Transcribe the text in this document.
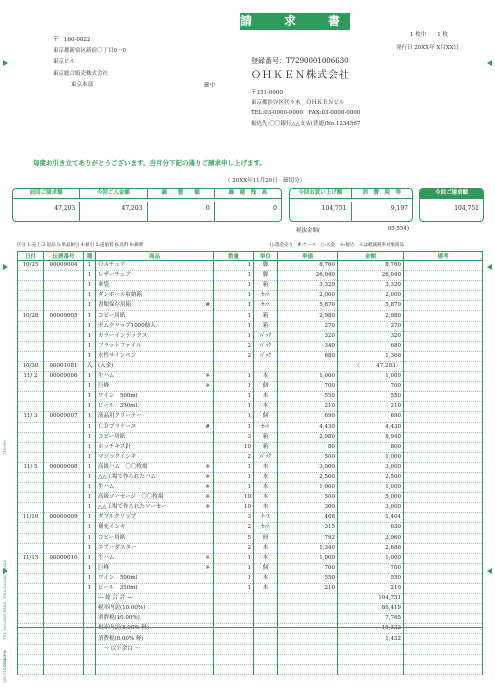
請　求　書
1 枚中　　1 枚
発行日 20XX年 X月XX日
〒　160-0022
東京都新宿区新宿〇丁目0－0
東京ビル
東京総合販売株式会社
東京本部	御中
登録番号：T7290001006630
ＯＨＫＥＮ株式会社
〒151-0000
東京都渋谷区代々木　ＯＨＫＥＮビル
TEL:03-0000-0000　FAX:03-0000-0000
振込先:〇〇銀行△△支店(普通)No.1234567
毎度お引き立てありがとうございます。当月分下記の通りご請求申し上げます。
（ 20XX年11月20日　締切分）
前回ご請求額	今回ご入金額	調　　整　　額	繰　越　残　高
47,203	47,203	0	0
今回お買い上げ額	消　費　税　等
104,751	9,197
今回ご請求額
104,751
税抜金額(	95,554)
区分 1:売上 2:返品 3:単品値引 4:値引 5:還値替 6:送料 9:摘要	():現金売り　#:ケース　○:入金　※:税込　※は軽減税率対象商品
日付	伝票番号	種	商品	数量	単位	単価	金額	備考
10/25	00009004	1	ＯＡチェア	1	脚	8,760	8,760	
		1	レザーチェア	1	脚	26,040	26,040	
		1	傘袋	1	箱	3,320	3,320	
		1	ダンボール収納箱	1	ｾｯﾄ	2,000	2,000	
		1	書類保存用箱 #	1	ｾｯﾄ	5,870	5,870	
10/28	00009005	1	コピー用紙	1	箱	2,980	2,980	
		1	ゼムクリップ1000個入	1	箱	270	270	
		1	カラーインデックス	1	ﾊﾟｯｸ	320	320	
		1	フラットファイル	2	ﾊﾟｯｸ	340	680	
		1	水性サインペン	2	ﾊﾟｯｸ	680	1,360	
10/30	00001081	入	(入金)				〈　　　47,203〉	
11/ 2	00009006	1	生ハム ※	1	本	1,000	1,000	
		1	巨峰 ※	1	個	700	700	
		1	ワイン　500ml	1	本	550	550	
		1	ビール　350ml	1	本	210	210	
11/ 3	00009007	1	液晶用クリーナー	1	個	690	690	
		1	ＣＤプラケース #	1	ｾｯﾄ	4,430	4,430	
		1	コピー用紙	3	箱	2,980	8,940	
		1	ホッチキス針	10	箱	80	800	
		1	マジックインキ	2	ﾊﾟｯｸ	500	1,000	
11/ 5	00009008	1	高級ハム　〇〇牧場 ※	1	本	3,000	3,000	
		1	△△工場で作られたハム ※	1	本	2,500	2,500	
		1	生ハム ※	1	本	1,000	1,000	
		1	高級ソーセージ　〇〇牧場 ※	10	本	500	5,000	
		1	△△工場で作られたソーセー ※	10	本	300	3,000	
11/10	00009009	1	ダブルクリップ	3	ｹｰｽ	468	1,404	
		1	補充インキ	2	ｾｯﾄ	315	630	
		1	コピー用紙	5	冊	792	3,960	
		1	エアーダスター	2	本	1,340	2,680	
11/15	00009010	1	生ハム ※	1	本	1,000	1,000	
		1	巨峰 ※	1	個	700	700	
		1	ワイン　500ml	1	本	550	550	
		1	ビール　350ml	1	本	210	210	
			― 総 合 計 ―				104,751	
			税率内訳(10.00%)				85,419	
			消費税(10.00%)				7,765	
			税率内訳(8.00% 軽)				19,332	
			消費税(8.00% 軽)				1,432	
			　～ 以下余白 ～

716090
TEL 03(3395)8464　FAX 03(3867)8628
SR-314
OHKEN
